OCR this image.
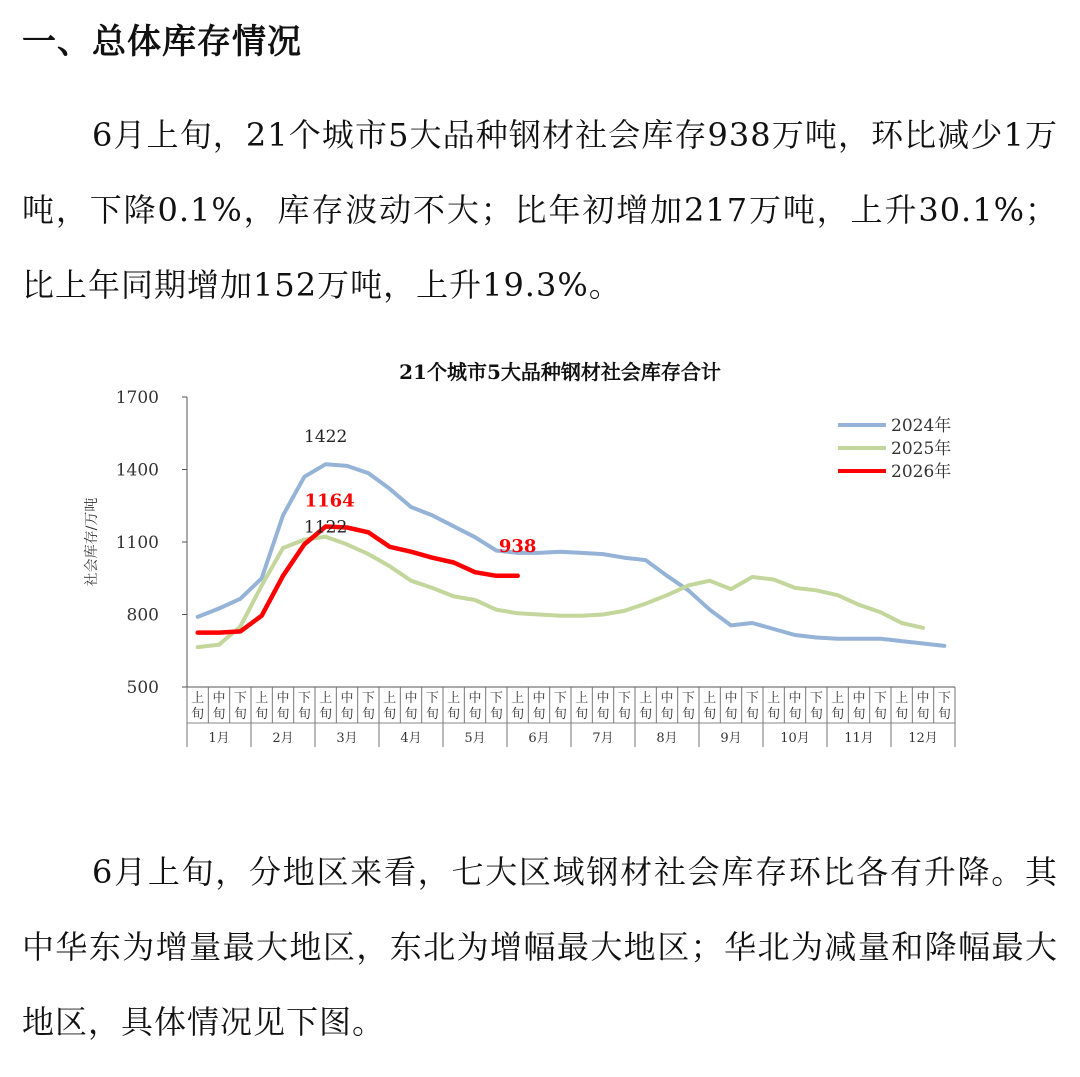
一、总体库存情况

6月上旬，21个城市5大品种钢材社会库存938万吨，环比减少1万吨，下降0.1%，库存波动不大；比年初增加217万吨，上升30.1%；比上年同期增加152万吨，上升19.3%。

21个城市5大品种钢材社会库存合计
社会库存/万吨
500
800
1100
1400
1700
上
旬
中
旬
下
旬
上
旬
中
旬
下
旬
上
旬
中
旬
下
旬
上
旬
中
旬
下
旬
上
旬
中
旬
下
旬
上
旬
中
旬
下
旬
上
旬
中
旬
下
旬
上
旬
中
旬
下
旬
上
旬
中
旬
下
旬
上
旬
中
旬
下
旬
上
旬
中
旬
下
旬
上
旬
中
旬
下
旬
1月	2月	3月	4月	5月	6月	7月	8月	9月	10月	11月	12月
1422
1164
1122
938
2024年
2025年
2026年

6月上旬，分地区来看，七大区域钢材社会库存环比各有升降。其中华东为增量最大地区，东北为增幅最大地区；华北为减量和降幅最大地区，具体情况见下图。
